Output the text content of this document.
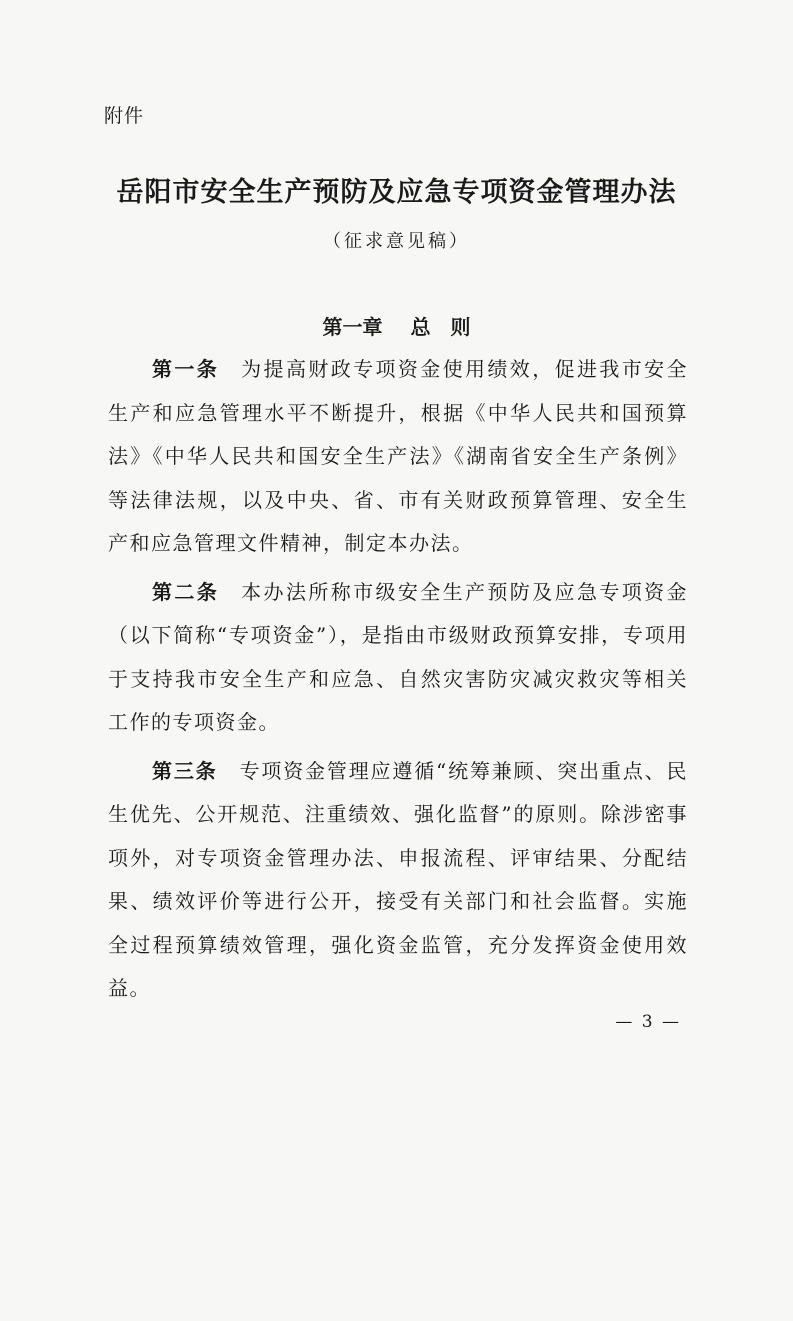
附件
岳阳市安全生产预防及应急专项资金管理办法
（征求意见稿）
第一章 总　则

第一条 为提高财政专项资金使用绩效，促进我市安全生产和应急管理水平不断提升，根据《中华人民共和国预算法》《中华人民共和国安全生产法》《湖南省安全生产条例》等法律法规，以及中央、省、市有关财政预算管理、安全生产和应急管理文件精神，制定本办法。

第二条 本办法所称市级安全生产预防及应急专项资金（以下简称“专项资金”），是指由市级财政预算安排，专项用于支持我市安全生产和应急、自然灾害防灾减灾救灾等相关工作的专项资金。

第三条 专项资金管理应遵循“统筹兼顾、突出重点、民生优先、公开规范、注重绩效、强化监督”的原则。除涉密事项外，对专项资金管理办法、申报流程、评审结果、分配结果、绩效评价等进行公开，接受有关部门和社会监督。实施全过程预算绩效管理，强化资金监管，充分发挥资金使用效益。

— 3 —
